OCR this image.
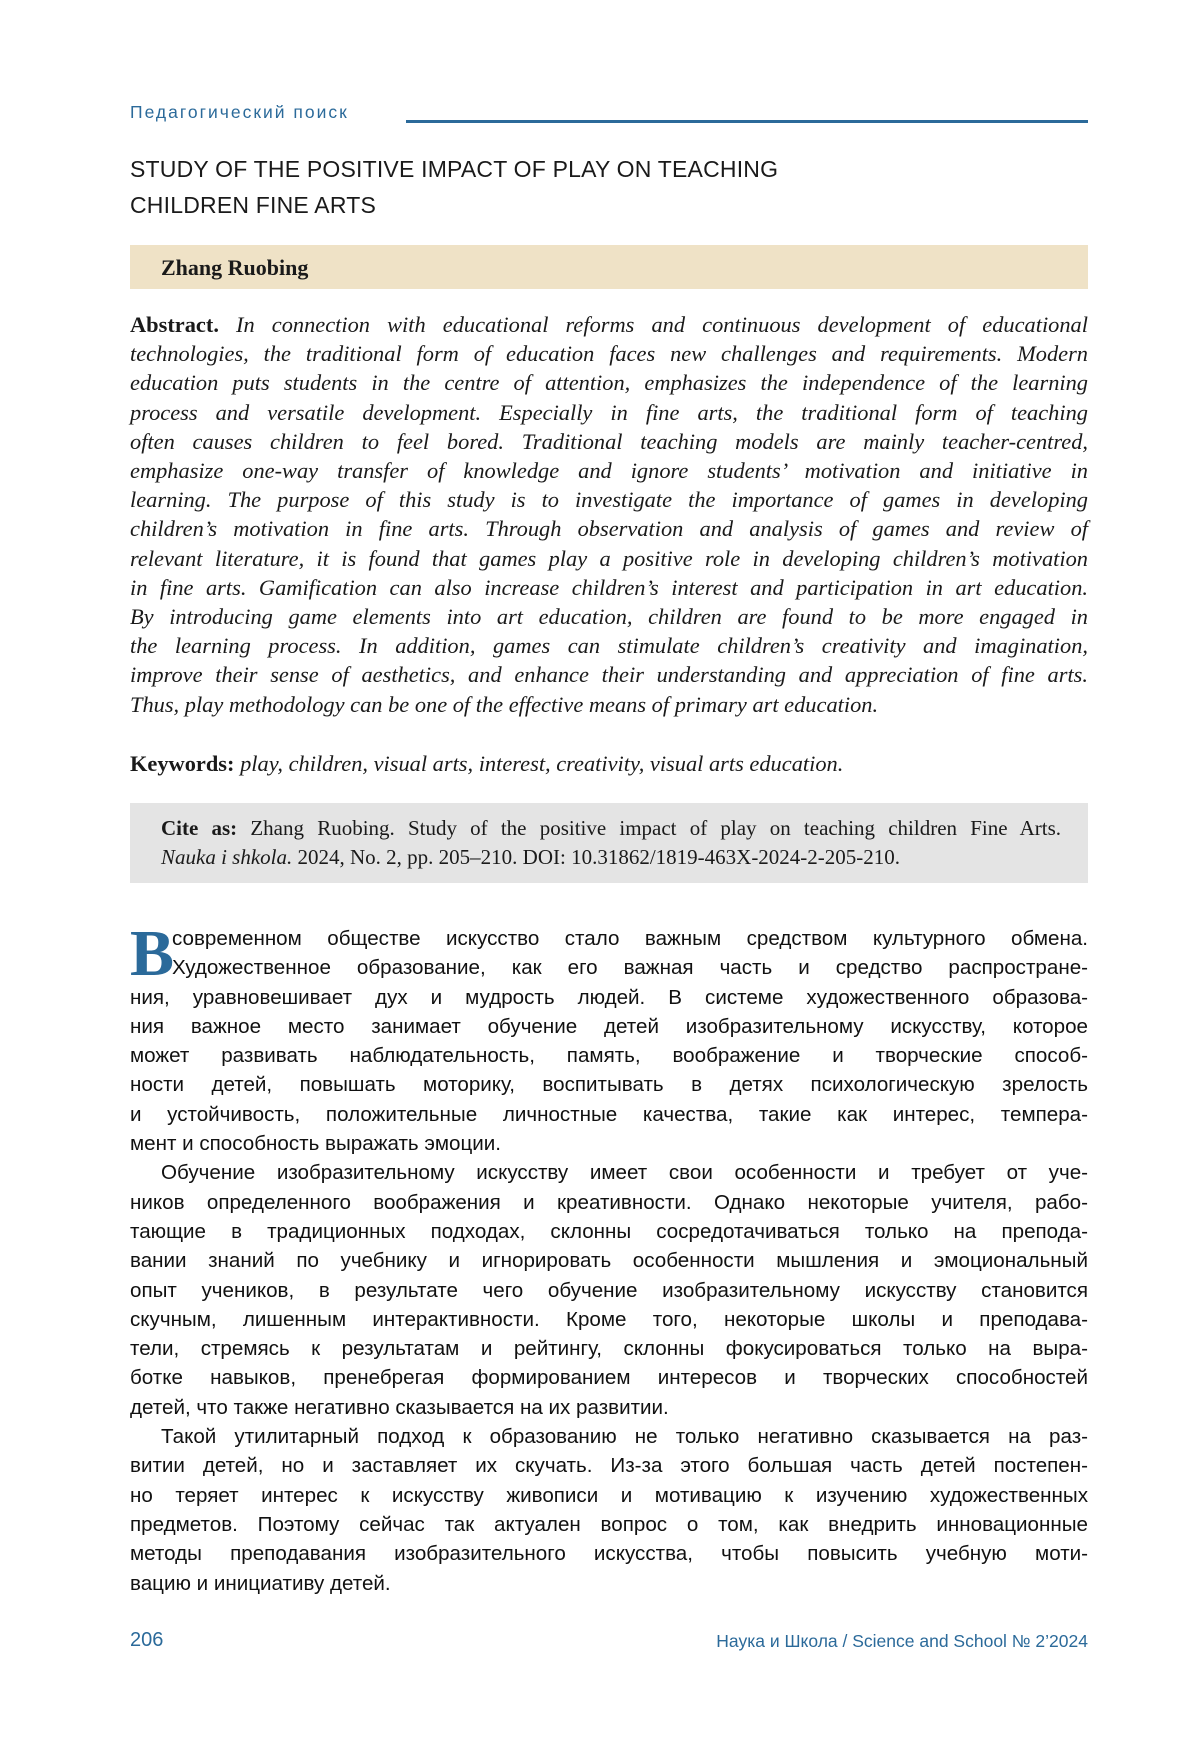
Педагогический поиск
STUDY OF THE POSITIVE IMPACT OF PLAY ON TEACHING
CHILDREN FINE ARTS
Zhang Ruobing
Abstract. In connection with educational reforms and continuous development of educational
technologies, the traditional form of education faces new challenges and requirements. Modern
education puts students in the centre of attention, emphasizes the independence of the learning
process and versatile development. Especially in fine arts, the traditional form of teaching
often causes children to feel bored. Traditional teaching models are mainly teacher-centred,
emphasize one-way transfer of knowledge and ignore students’ motivation and initiative in
learning. The purpose of this study is to investigate the importance of games in developing
children’s motivation in fine arts. Through observation and analysis of games and review of
relevant literature, it is found that games play a positive role in developing children’s motivation
in fine arts. Gamification can also increase children’s interest and participation in art education.
By introducing game elements into art education, children are found to be more engaged in
the learning process. In addition, games can stimulate children’s creativity and imagination,
improve their sense of aesthetics, and enhance their understanding and appreciation of fine arts.
Thus, play methodology can be one of the effective means of primary art education.
Keywords: play, children, visual arts, interest, creativity, visual arts education.
Cite as: Zhang Ruobing. Study of the positive impact of play on teaching children Fine Arts.
Nauka i shkola. 2024, No. 2, pp. 205–210. DOI: 10.31862/1819-463X-2024-2-205-210.
В
современном обществе искусство стало важным средством культурного обмена.
Художественное образование, как его важная часть и средство распростране-
ния, уравновешивает дух и мудрость людей. В системе художественного образова-
ния важное место занимает обучение детей изобразительному искусству, которое
может развивать наблюдательность, память, воображение и творческие способ-
ности детей, повышать моторику, воспитывать в детях психологическую зрелость
и устойчивость, положительные личностные качества, такие как интерес, темпера-
мент и способность выражать эмоции.
Обучение изобразительному искусству имеет свои особенности и требует от уче-
ников определенного воображения и креативности. Однако некоторые учителя, рабо-
тающие в традиционных подходах, склонны сосредотачиваться только на препода-
вании знаний по учебнику и игнорировать особенности мышления и эмоциональный
опыт учеников, в результате чего обучение изобразительному искусству становится
скучным, лишенным интерактивности. Кроме того, некоторые школы и преподава-
тели, стремясь к результатам и рейтингу, склонны фокусироваться только на выра-
ботке навыков, пренебрегая формированием интересов и творческих способностей
детей, что также негативно сказывается на их развитии.
Такой утилитарный подход к образованию не только негативно сказывается на раз-
витии детей, но и заставляет их скучать. Из-за этого большая часть детей постепен-
но теряет интерес к искусству живописи и мотивацию к изучению художественных
предметов. Поэтому сейчас так актуален вопрос о том, как внедрить инновационные
методы преподавания изобразительного искусства, чтобы повысить учебную моти-
вацию и инициативу детей.
206	Наука и Школа / Science and School № 2’2024
